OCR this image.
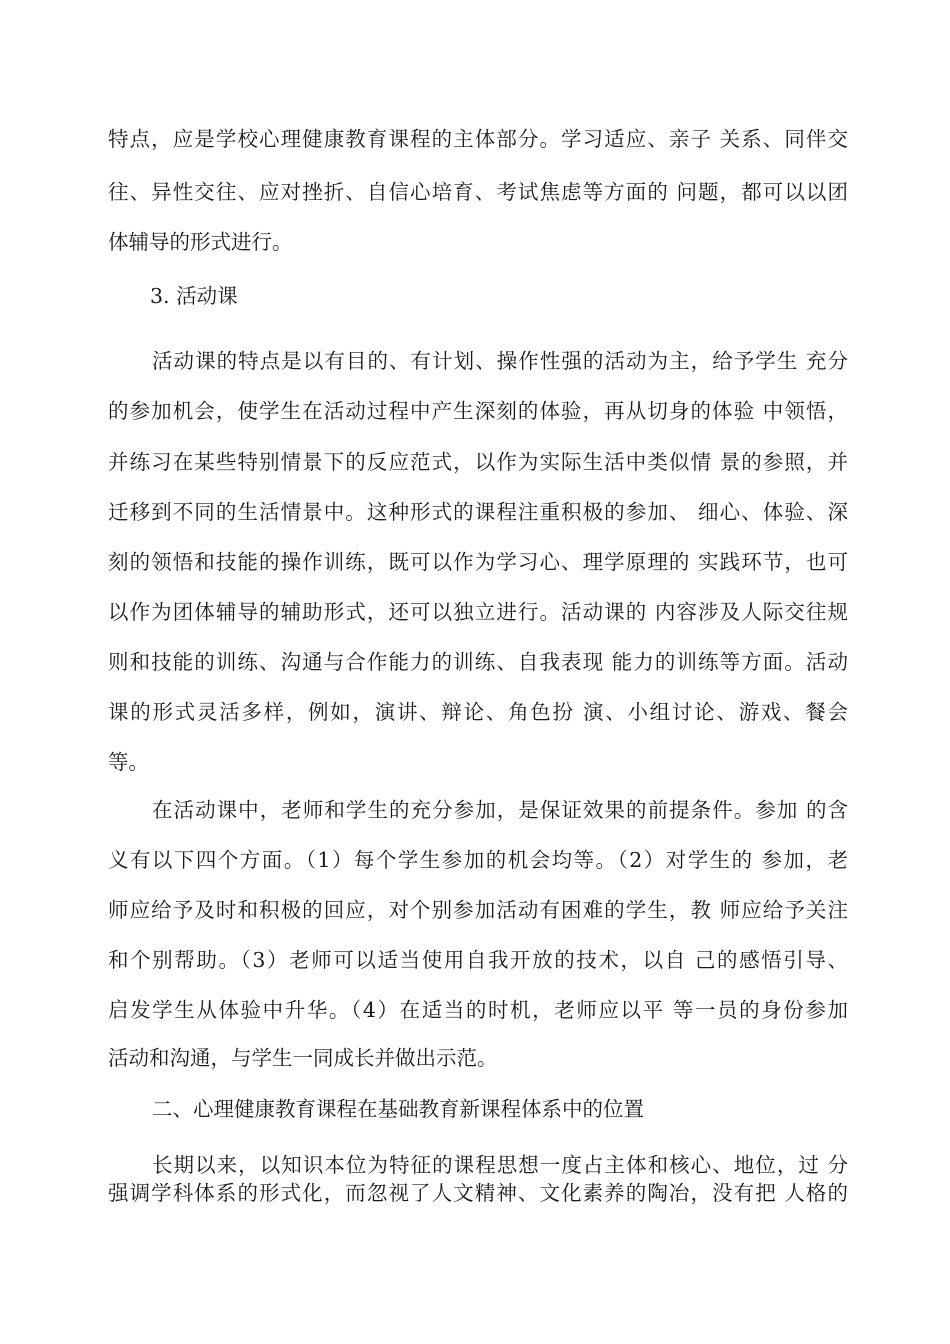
特点，应是学校心理健康教育课程的主体部分。学习适应、亲子 关系、同伴交
往、异性交往、应对挫折、自信心培育、考试焦虑等方面的 问题，都可以以团
体辅导的形式进行。
3. 活动课
活动课的特点是以有目的、有计划、操作性强的活动为主，给予学生 充分
的参加机会，使学生在活动过程中产生深刻的体验，再从切身的体验 中领悟，
并练习在某些特别情景下的反应范式，以作为实际生活中类似情 景的参照，并
迁移到不同的生活情景中。这种形式的课程注重积极的参加、 细心、体验、深
刻的领悟和技能的操作训练，既可以作为学习心、理学原理的 实践环节，也可
以作为团体辅导的辅助形式，还可以独立进行。活动课的 内容涉及人际交往规
则和技能的训练、沟通与合作能力的训练、自我表现 能力的训练等方面。活动
课的形式灵活多样，例如，演讲、辩论、角色扮 演、小组讨论、游戏、餐会
等。
在活动课中，老师和学生的充分参加，是保证效果的前提条件。参加 的含
义有以下四个方面。（1）每个学生参加的机会均等。（2）对学生的 参加，老
师应给予及时和积极的回应，对个别参加活动有困难的学生，教 师应给予关注
和个别帮助。（3）老师可以适当使用自我开放的技术，以自 己的感悟引导、
启发学生从体验中升华。（4）在适当的时机，老师应以平 等一员的身份参加
活动和沟通，与学生一同成长并做出示范。
二、心理健康教育课程在基础教育新课程体系中的位置
长期以来，以知识本位为特征的课程思想一度占主体和核心、地位，过 分
强调学科体系的形式化，而忽视了人文精神、文化素养的陶冶，没有把 人格的
